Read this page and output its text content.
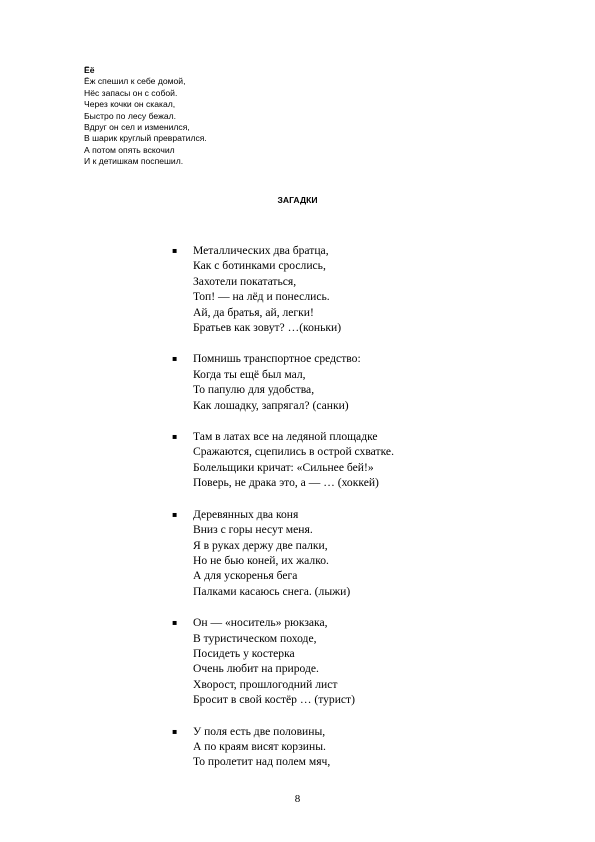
Ёё
Ёж спешил к себе домой,
Нёс запасы он с собой.
Через кочки он скакал,
Быстро по лесу бежал.
Вдруг он сел и изменился,
В шарик круглый превратился.
А потом опять вскочил
И к детишкам поспешил.
ЗАГАДКИ
▪ Металлических два братца,
Как с ботинками срослись,
Захотели покататься,
Топ! — на лёд и понеслись.
Ай, да братья, ай, легки!
Братьев как зовут? …(коньки)
▪ Помнишь транспортное средство:
Когда ты ещё был мал,
То папулю для удобства,
Как лошадку, запрягал? (санки)
▪ Там в латах все на ледяной площадке
Сражаются, сцепились в острой схватке.
Болельщики кричат: «Сильнее бей!»
Поверь, не драка это, а — … (хоккей)
▪ Деревянных два коня
Вниз с горы несут меня.
Я в руках держу две палки,
Но не бью коней, их жалко.
А для ускоренья бега
Палками касаюсь снега. (лыжи)
▪ Он — «носитель» рюкзака,
В туристическом походе,
Посидеть у костерка
Очень любит на природе.
Хворост, прошлогодний лист
Бросит в свой костёр … (турист)
▪ У поля есть две половины,
А по краям висят корзины.
То пролетит над полем мяч,
8
